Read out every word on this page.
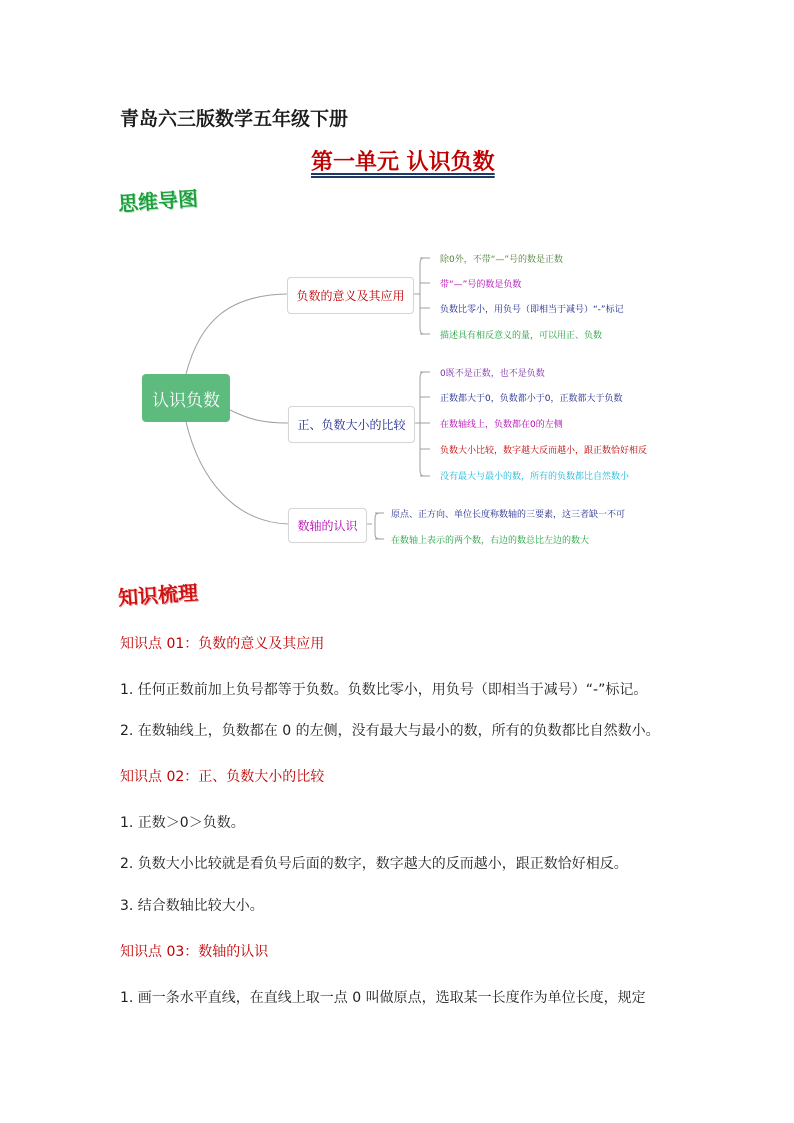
青岛六三版数学五年级下册
第一单元 认识负数
思维导图
认识负数
负数的意义及其应用
正、负数大小的比较
数轴的认识
除0外，不带“—”号的数是正数
带“—”号的数是负数
负数比零小，用负号（即相当于减号）“-”标记
描述具有相反意义的量，可以用正、负数
0既不是正数，也不是负数
正数都大于0，负数都小于0，正数都大于负数
在数轴线上，负数都在0的左侧
负数大小比较，数字越大反而越小，跟正数恰好相反
没有最大与最小的数，所有的负数都比自然数小
原点、正方向、单位长度称数轴的三要素，这三者缺一不可
在数轴上表示的两个数，右边的数总比左边的数大
知识梳理
知识点 01：负数的意义及其应用
1. 任何正数前加上负号都等于负数。负数比零小，用负号（即相当于减号）“-”标记。
2. 在数轴线上，负数都在 0 的左侧，没有最大与最小的数，所有的负数都比自然数小。
知识点 02：正、负数大小的比较
1. 正数＞0＞负数。
2. 负数大小比较就是看负号后面的数字，数字越大的反而越小，跟正数恰好相反。
3. 结合数轴比较大小。
知识点 03：数轴的认识
1. 画一条水平直线，在直线上取一点 0 叫做原点，选取某一长度作为单位长度，规定
